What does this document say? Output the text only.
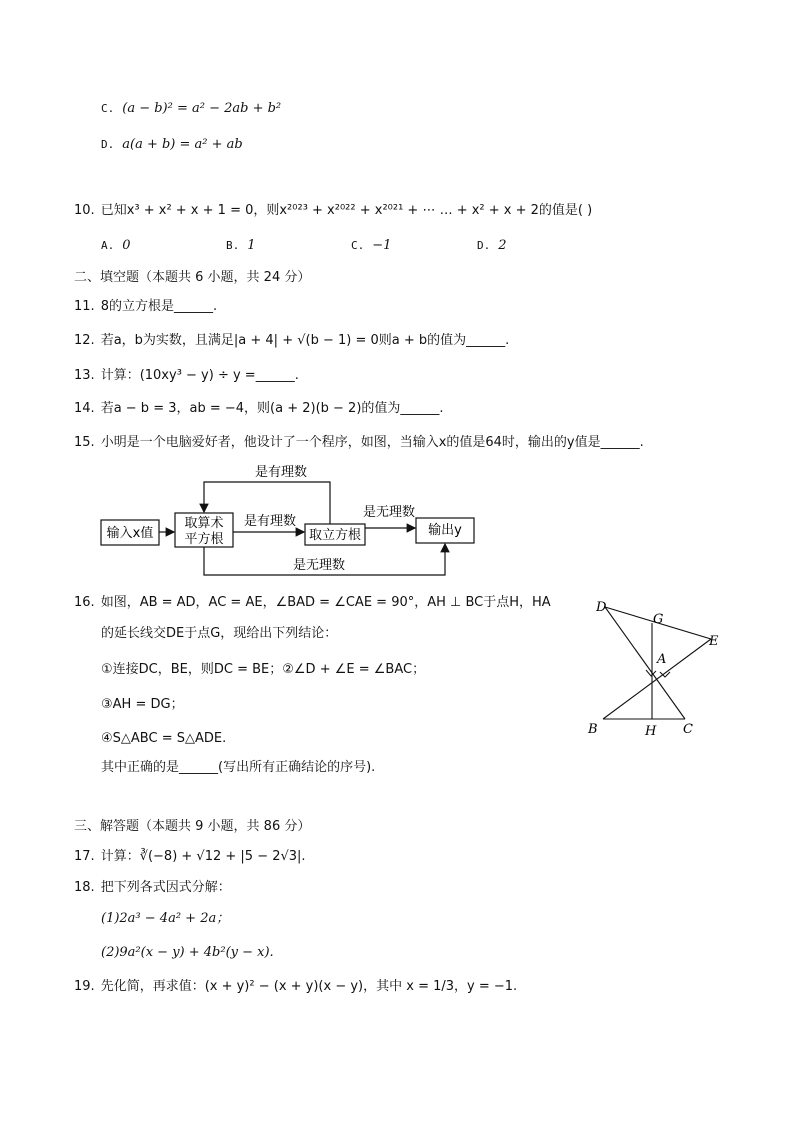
$^{C.}$ (a − b)² = a² − 2ab + b²
$^{D.}$ a(a + b) = a² + ab
10. 已知x³ + x² + x + 1 = 0，则x²⁰²³ + x²⁰²² + x²⁰²¹ + ⋯ … + x² + x + 2的值是( )
$^{A.}$ 0	$^{B.}$ 1	$^{C.}$ −1	$^{D.}$ 2
二、填空题（本题共 6 小题，共 24 分）
11. 8的立方根是______.
12. 若a，b为实数，且满足|a + 4| + √(b − 1) = 0则a + b的值为______.
13. 计算：(10xy³ − y) ÷ y =______.
14. 若a − b = 3，ab = −4，则(a + 2)(b − 2)的值为______.
15. 小明是一个电脑爱好者，他设计了一个程序，如图，当输入x的值是64时，输出的y值是______.
输入x值
取算术
平方根	取立方根	输出y
是有理数
是有理数
是无理数
是无理数
16. 如图，AB = AD，AC = AE，∠BAD = ∠CAE = 90°，AH ⊥ BC于点H，HA
的延长线交DE于点G，现给出下列结论：
①连接DC，BE，则DC = BE；②∠D + ∠E = ∠BAC；
③AH = DG；
④S△ABC = S△ADE.
其中正确的是______(写出所有正确结论的序号).
D
G
E
A
B	H C
三、解答题（本题共 9 小题，共 86 分）
17. 计算：∛(−8) + √12 + |5 − 2√3|.
18. 把下列各式因式分解：
(1)2a³ − 4a² + 2a；
(2)9a²(x − y) + 4b²(y − x).
19. 先化简，再求值：(x + y)² − (x + y)(x − y)，其中 x = 1/3，y = −1.
